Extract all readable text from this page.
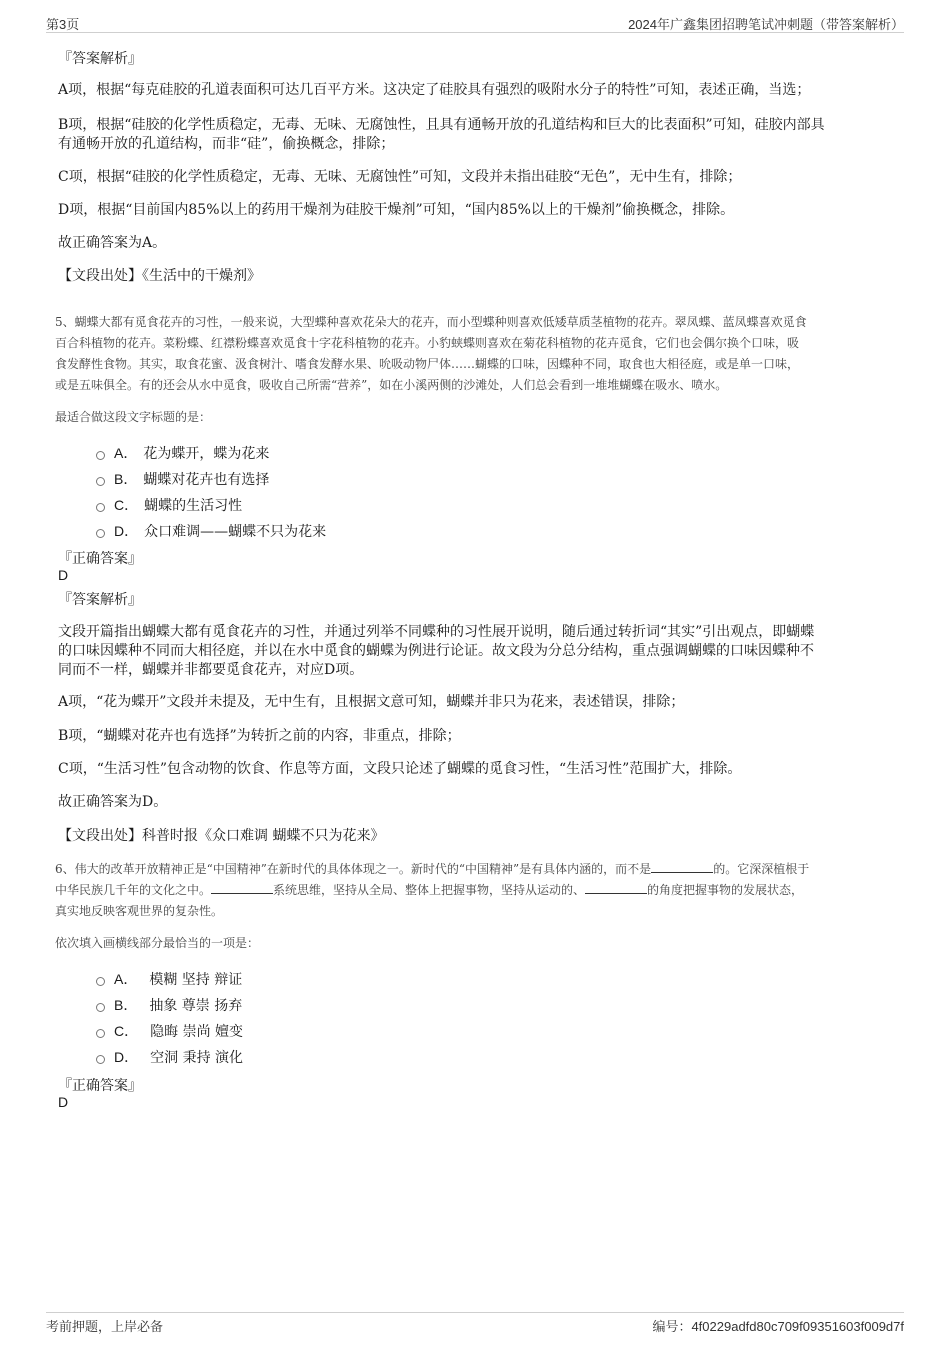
第3页	2024年广鑫集团招聘笔试冲刺题（带答案解析）
『答案解析』
A项，根据“每克硅胶的孔道表面积可达几百平方米。这决定了硅胶具有强烈的吸附水分子的特性”可知，表述正确，当选；
B项，根据“硅胶的化学性质稳定，无毒、无味、无腐蚀性，且具有通畅开放的孔道结构和巨大的比表面积”可知，硅胶内部具
有通畅开放的孔道结构，而非“硅”，偷换概念，排除；
C项，根据“硅胶的化学性质稳定，无毒、无味、无腐蚀性”可知，文段并未指出硅胶“无色”，无中生有，排除；
D项，根据“目前国内85%以上的药用干燥剂为硅胶干燥剂”可知，“国内85%以上的干燥剂”偷换概念，排除。
故正确答案为A。
【文段出处】《生活中的干燥剂》
5、蝴蝶大都有觅食花卉的习性，一般来说，大型蝶种喜欢花朵大的花卉，而小型蝶种则喜欢低矮草质茎植物的花卉。翠凤蝶、蓝凤蝶喜欢觅食
百合科植物的花卉。菜粉蝶、红襟粉蝶喜欢觅食十字花科植物的花卉。小豹蛱蝶则喜欢在菊花科植物的花卉觅食，它们也会偶尔换个口味，吸
食发酵性食物。其实，取食花蜜、汲食树汁、嗜食发酵水果、吮吸动物尸体……蝴蝶的口味，因蝶种不同，取食也大相径庭，或是单一口味，
或是五味俱全。有的还会从水中觅食，吸收自己所需“营养”，如在小溪两侧的沙滩处，人们总会看到一堆堆蝴蝶在吸水、喷水。
最适合做这段文字标题的是：
A． 花为蝶开，蝶为花来
B． 蝴蝶对花卉也有选择
C． 蝴蝶的生活习性
D． 众口难调——蝴蝶不只为花来
『正确答案』
D
『答案解析』
文段开篇指出蝴蝶大都有觅食花卉的习性，并通过列举不同蝶种的习性展开说明，随后通过转折词“其实”引出观点，即蝴蝶
的口味因蝶种不同而大相径庭，并以在水中觅食的蝴蝶为例进行论证。故文段为分总分结构，重点强调蝴蝶的口味因蝶种不
同而不一样，蝴蝶并非都要觅食花卉，对应D项。
A项，“花为蝶开”文段并未提及，无中生有，且根据文意可知，蝴蝶并非只为花来，表述错误，排除；
B项，“蝴蝶对花卉也有选择”为转折之前的内容，非重点，排除；
C项，“生活习性”包含动物的饮食、作息等方面，文段只论述了蝴蝶的觅食习性，“生活习性”范围扩大，排除。
故正确答案为D。
【文段出处】科普时报《众口难调 蝴蝶不只为花来》
6、伟大的改革开放精神正是“中国精神”在新时代的具体体现之一。新时代的“中国精神”是有具体内涵的，而不是	的。它深深植根于
中华民族几千年的文化之中。	系统思维，坚持从全局、整体上把握事物，坚持从运动的、	的角度把握事物的发展状态，
真实地反映客观世界的复杂性。
依次填入画横线部分最恰当的一项是：
A． 模糊 坚持 辩证
B． 抽象 尊崇 扬弃
C． 隐晦 崇尚 嬗变
D． 空洞 秉持 演化
『正确答案』
D
考前押题，上岸必备	编号：4f0229adfd80c709f09351603f009d7f
